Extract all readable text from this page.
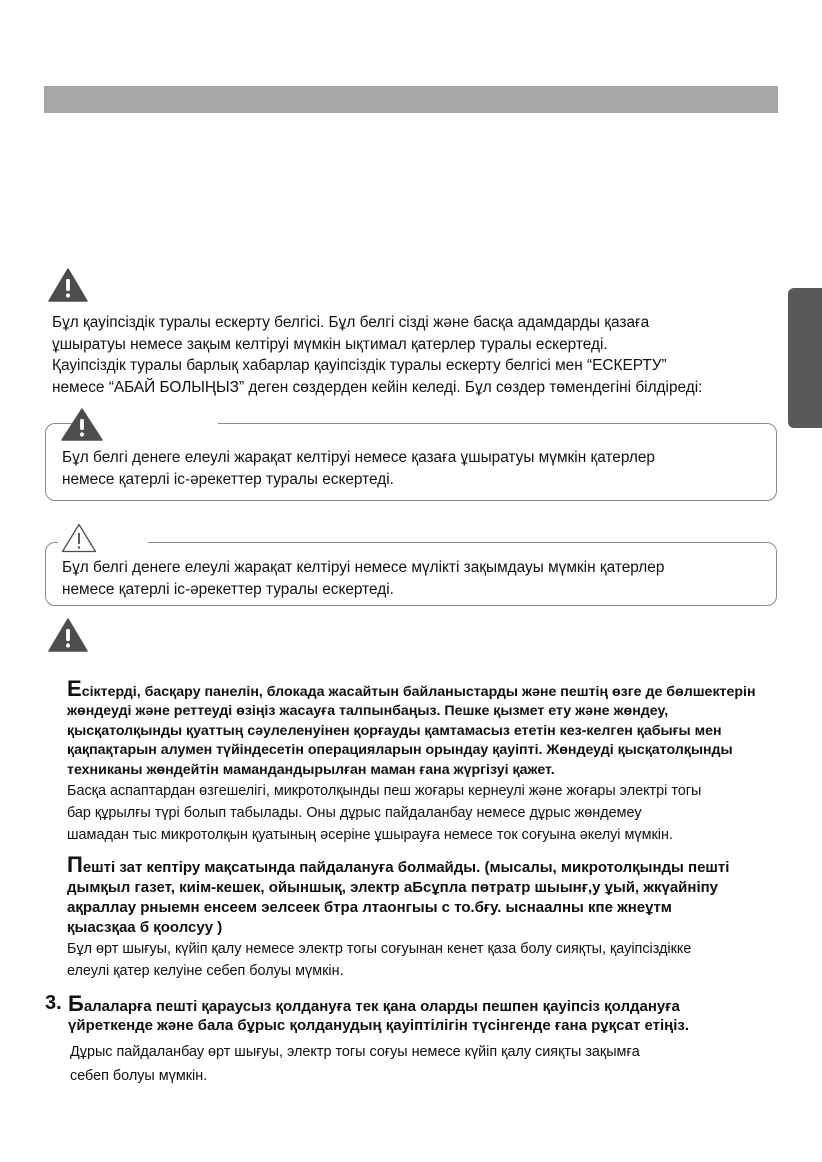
Бұл қауіпсіздік туралы ескерту белгісі. Бұл белгі сізді және басқа адамдарды қазаға
ұшыратуы немесе зақым келтіруі мүмкін ықтимал қатерлер туралы ескертеді.
Қауіпсіздік туралы барлық хабарлар қауіпсіздік туралы ескерту белгісі мен “ЕСКЕРТУ”
немесе “АБАЙ БОЛЫҢЫЗ” деген сөздерден кейін келеді. Бұл сөздер төмендегіні білдіреді:
Бұл белгі денеге елеулі жарақат келтіруі немесе қазаға ұшыратуы мүмкін қатерлер
немесе қатерлі іс-әрекеттер туралы ескертеді.
Бұл белгі денеге елеулі жарақат келтіруі немесе мүлікті зақымдауы мүмкін қатерлер
немесе қатерлі іс-әрекеттер туралы ескертеді.
Есіктерді, басқару панелін, блокада жасайтын байланыстарды және пештің өзге де бөлшектерін
жөндеуді және реттеуді өзіңіз жасауға талпынбаңыз. Пешке қызмет ету және жөндеу,
қысқатолқынды қуаттың сәулеленуінен қорғауды қамтамасыз ететін кез-келген қабығы мен
қақпақтарын алумен түйіндесетін операцияларын орындау қауіпті. Жөндеуді қысқатолқынды
техниканы жөндейтін мамандандырылған маман ғана жүргізуі қажет.
Басқа аспаптардан өзгешелігі, микротолқынды пеш жоғары кернеулі және жоғары электрі тогы
бар құрылғы түрі болып табылады. Оны дұрыс пайдаланбау немесе дұрыс жөндемеу
шамадан тыс микротолқын қуатының әсеріне ұшырауға немесе ток соғуына әкелуі мүмкін.
Пешті зат кептіру мақсатында пайдалануға болмайды. (мысалы, микротолқынды пешті
дымқыл газет, киім-кешек, ойыншық, электр аБсұпла пөтратр шыынғ,у ұый, жкүайніпу
ақраллау рныемн енсеем эелсеек бтра лтаонгыы с то.бғу. ыснаалны кпе жнеұтм
қыасзқаа б қоолсуу )
Бұл өрт шығуы, күйіп қалу немесе электр тогы соғуынан кенет қаза болу сияқты, қауіпсіздікке
елеулі қатер келуіне себеп болуы мүмкін.
3. Балаларға пешті қараусыз қолдануға тек қана оларды пешпен қауіпсіз қолдануға
үйреткенде және бала бұрыс қолданудың қауіптілігін түсінгенде ғана рұқсат етіңіз.
Дұрыс пайдаланбау өрт шығуы, электр тогы соғуы немесе күйіп қалу сияқты зақымға
себеп болуы мүмкін.
